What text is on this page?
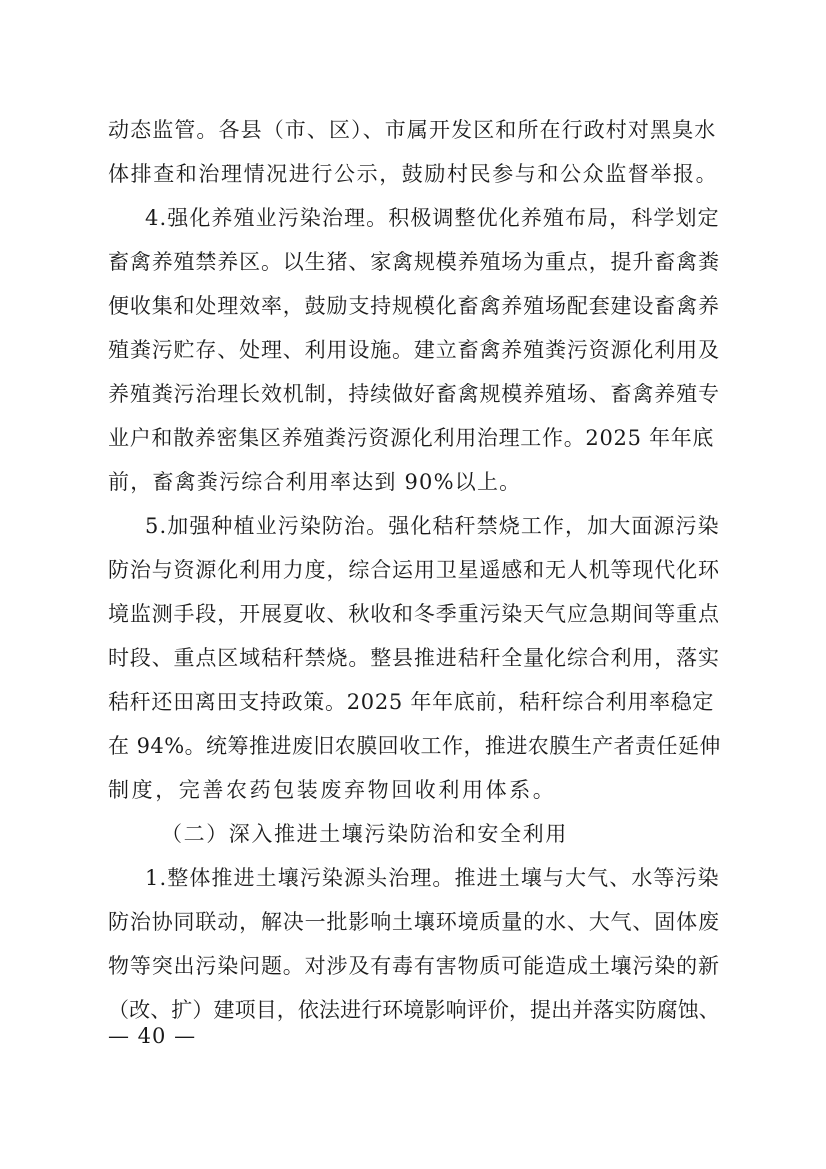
动态监管。各县（市、区）、市属开发区和所在行政村对黑臭水
体排查和治理情况进行公示，鼓励村民参与和公众监督举报。
4.强化养殖业污染治理。积极调整优化养殖布局，科学划定
畜禽养殖禁养区。以生猪、家禽规模养殖场为重点，提升畜禽粪
便收集和处理效率，鼓励支持规模化畜禽养殖场配套建设畜禽养
殖粪污贮存、处理、利用设施。建立畜禽养殖粪污资源化利用及
养殖粪污治理长效机制，持续做好畜禽规模养殖场、畜禽养殖专
业户和散养密集区养殖粪污资源化利用治理工作。2025 年年底
前，畜禽粪污综合利用率达到 90%以上。
5.加强种植业污染防治。强化秸秆禁烧工作，加大面源污染
防治与资源化利用力度，综合运用卫星遥感和无人机等现代化环
境监测手段，开展夏收、秋收和冬季重污染天气应急期间等重点
时段、重点区域秸秆禁烧。整县推进秸秆全量化综合利用，落实
秸秆还田离田支持政策。2025 年年底前，秸秆综合利用率稳定
在 94%。统筹推进废旧农膜回收工作，推进农膜生产者责任延伸
制度，完善农药包装废弃物回收利用体系。
（二）深入推进土壤污染防治和安全利用
1.整体推进土壤污染源头治理。推进土壤与大气、水等污染
防治协同联动，解决一批影响土壤环境质量的水、大气、固体废
物等突出污染问题。对涉及有毒有害物质可能造成土壤污染的新
（改、扩）建项目，依法进行环境影响评价，提出并落实防腐蚀、
— 40 —
